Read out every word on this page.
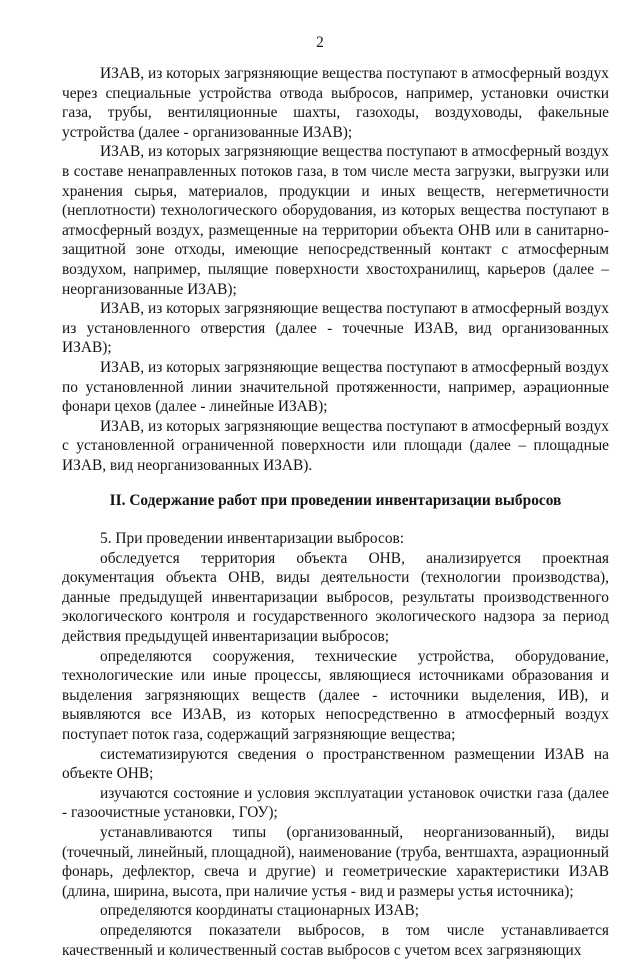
2

ИЗАВ, из которых загрязняющие вещества поступают в атмосферный воздух через специальные устройства отвода выбросов, например, установки очистки газа, трубы, вентиляционные шахты, газоходы, воздуховоды, факельные устройства (далее - организованные ИЗАВ);

ИЗАВ, из которых загрязняющие вещества поступают в атмосферный воздух в составе ненаправленных потоков газа, в том числе места загрузки, выгрузки или хранения сырья, материалов, продукции и иных веществ, негерметичности (неплотности) технологического оборудования, из которых вещества поступают в атмосферный воздух, размещенные на территории объекта ОНВ или в санитарно-защитной зоне отходы, имеющие непосредственный контакт с атмосферным воздухом, например, пылящие поверхности хвостохранилищ, карьеров (далее – неорганизованные ИЗАВ);

ИЗАВ, из которых загрязняющие вещества поступают в атмосферный воздух из установленного отверстия (далее - точечные ИЗАВ, вид организованных ИЗАВ);

ИЗАВ, из которых загрязняющие вещества поступают в атмосферный воздух по установленной линии значительной протяженности, например, аэрационные фонари цехов (далее - линейные ИЗАВ);

ИЗАВ, из которых загрязняющие вещества поступают в атмосферный воздух с установленной ограниченной поверхности или площади (далее – площадные ИЗАВ, вид неорганизованных ИЗАВ).

II. Содержание работ при проведении инвентаризации выбросов

5. При проведении инвентаризации выбросов:

обследуется территория объекта ОНВ, анализируется проектная документация объекта ОНВ, виды деятельности (технологии производства), данные предыдущей инвентаризации выбросов, результаты производственного экологического контроля и государственного экологического надзора за период действия предыдущей инвентаризации выбросов;

определяются сооружения, технические устройства, оборудование, технологические или иные процессы, являющиеся источниками образования и выделения загрязняющих веществ (далее - источники выделения, ИВ), и выявляются все ИЗАВ, из которых непосредственно в атмосферный воздух поступает поток газа, содержащий загрязняющие вещества;

систематизируются сведения о пространственном размещении ИЗАВ на объекте ОНВ;

изучаются состояние и условия эксплуатации установок очистки газа (далее - газоочистные установки, ГОУ);

устанавливаются типы (организованный, неорганизованный), виды (точечный, линейный, площадной), наименование (труба, вентшахта, аэрационный фонарь, дефлектор, свеча и другие) и геометрические характеристики ИЗАВ (длина, ширина, высота, при наличие устья - вид и размеры устья источника);

определяются координаты стационарных ИЗАВ;

определяются показатели выбросов, в том числе устанавливается качественный и количественный состав выбросов с учетом всех загрязняющих
